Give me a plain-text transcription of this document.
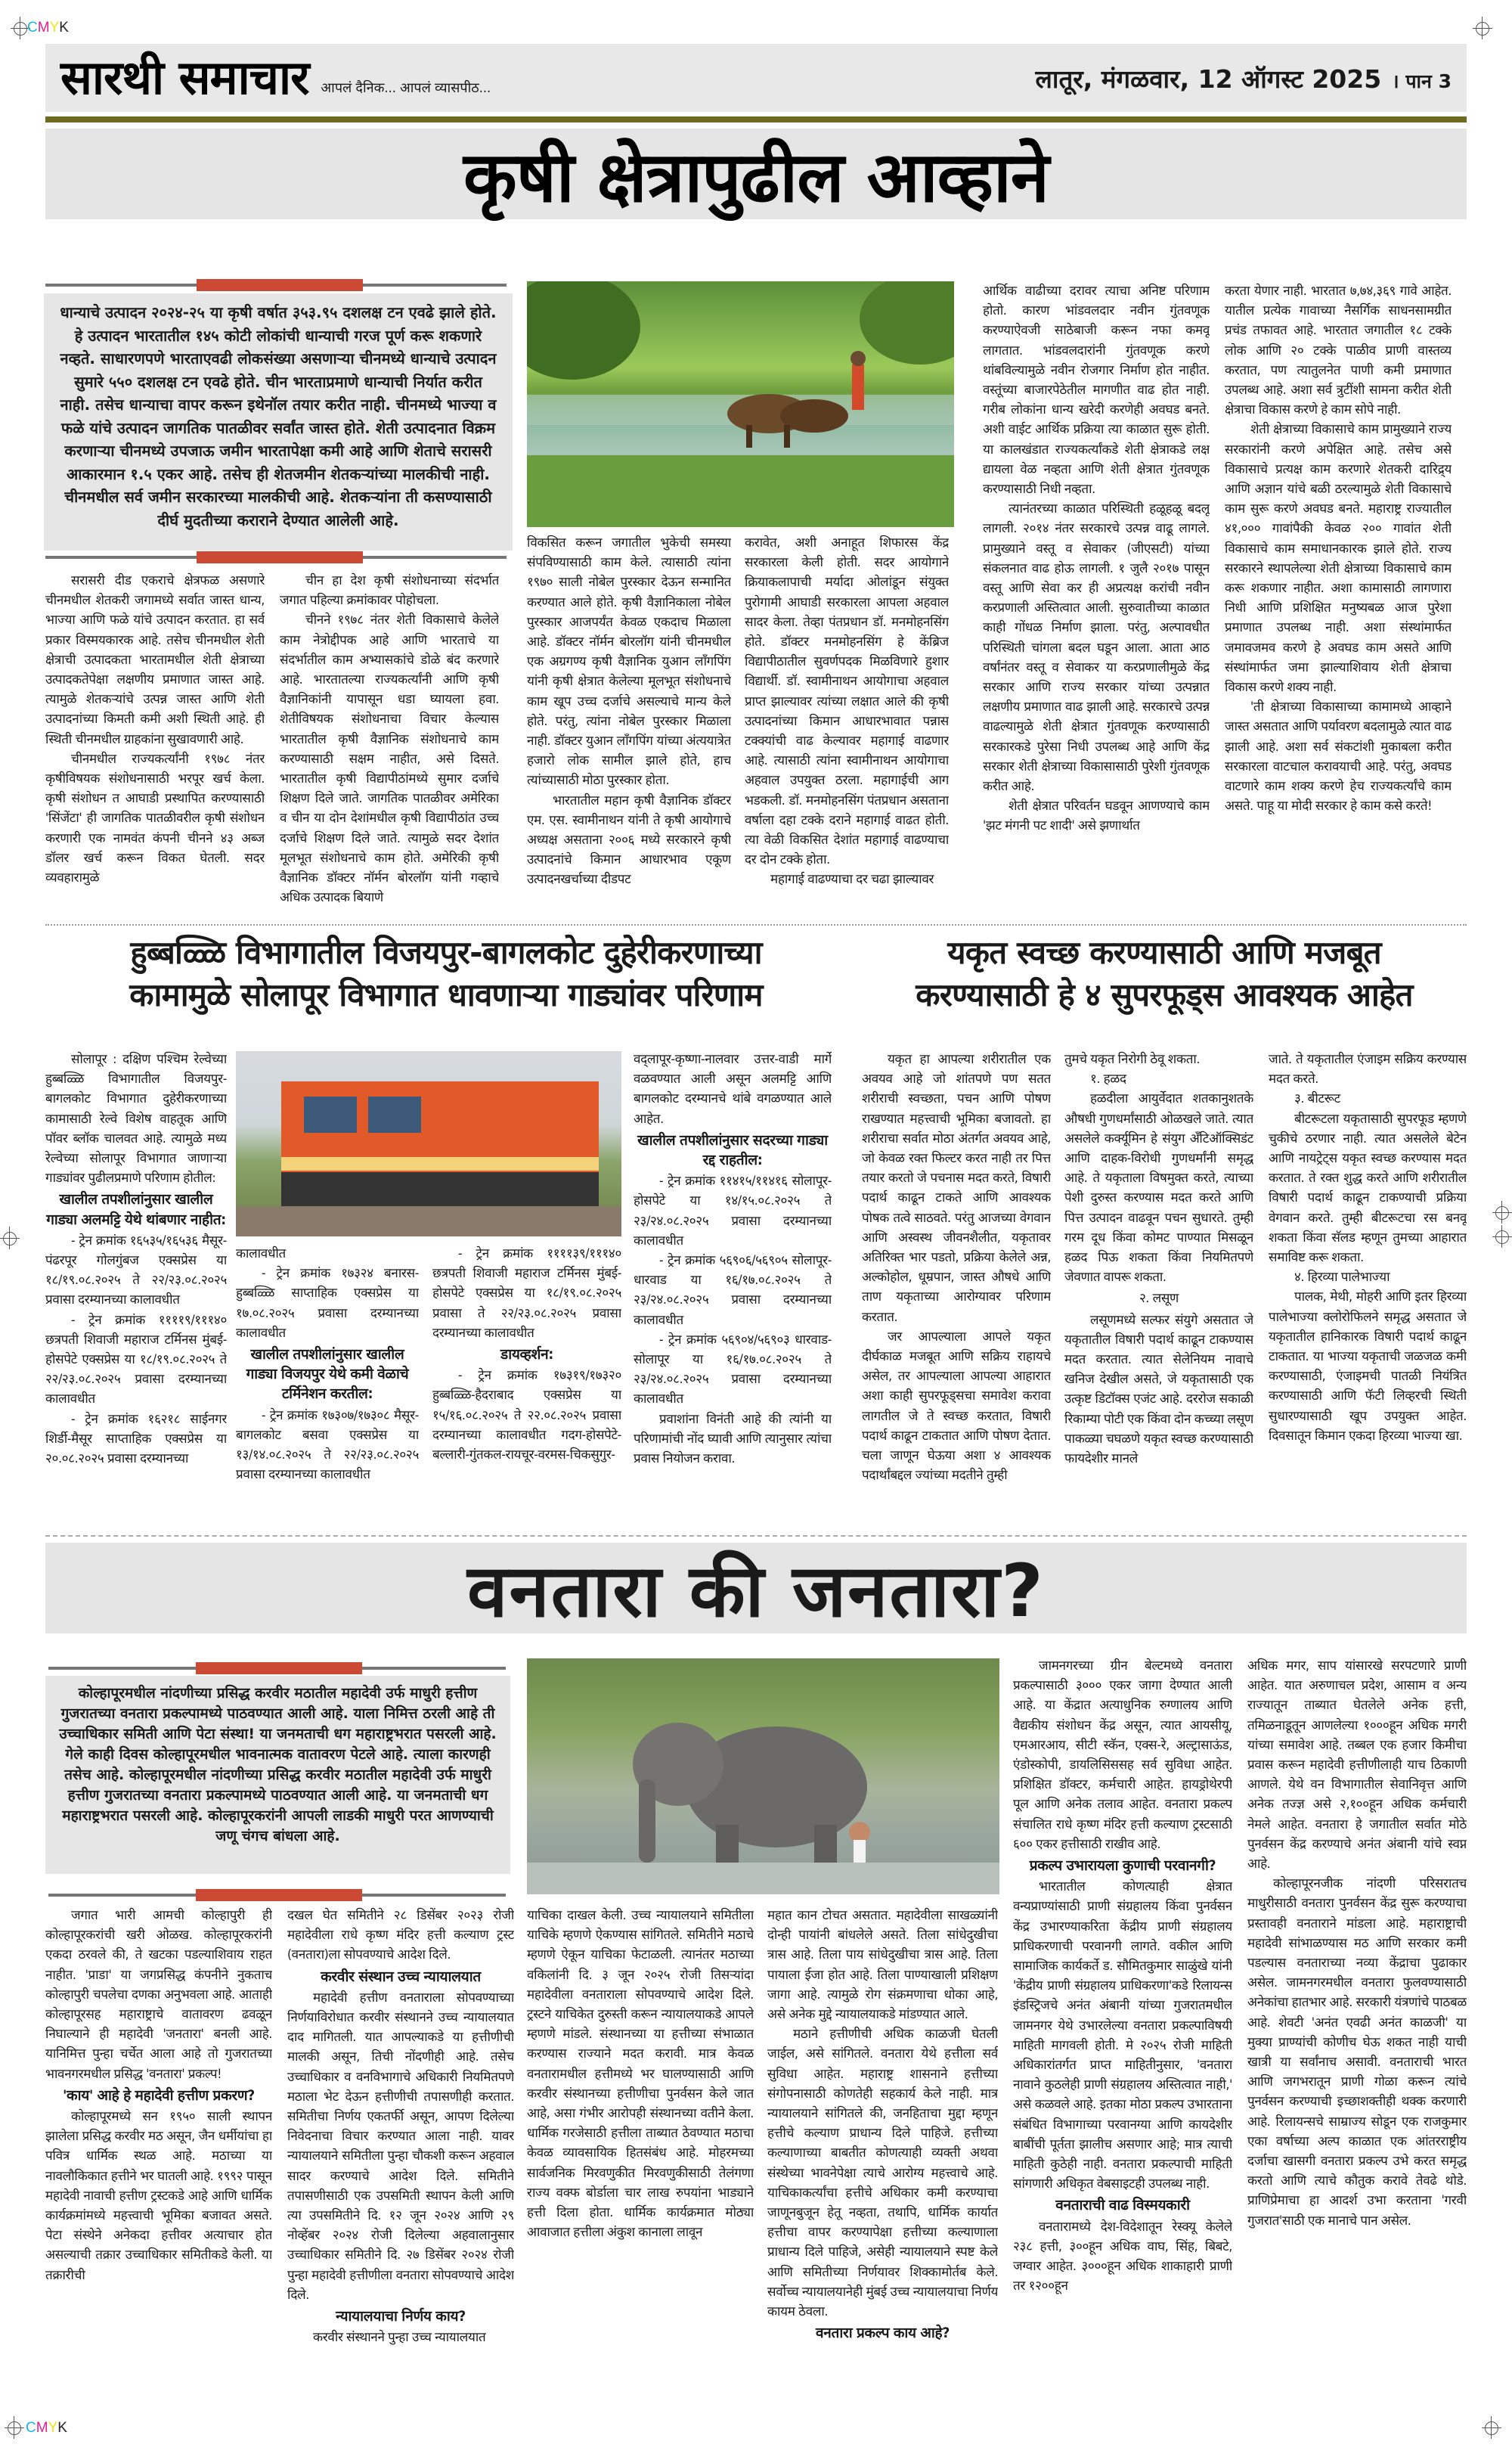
CMYK
CMYK
सारथी समाचार आपलं दैनिक... आपलं व्यासपीठ...	लातूर, मंगळवार, 12 ऑगस्ट 2025 । पान 3
कृषी क्षेत्रापुढील आव्हाने
धान्याचे उत्पादन २०२४-२५ या कृषी वर्षात ३५३.९५ दशलक्ष टन एवढे झाले होते. हे उत्पादन भारतातील १४५ कोटी लोकांची धान्याची गरज पूर्ण करू शकणारे नव्हते. साधारणपणे भारताएवढी लोकसंख्या असणाऱ्या चीनमध्ये धान्याचे उत्पादन सुमारे ५५० दशलक्ष टन एवढे होते. चीन भारताप्रमाणे धान्याची निर्यात करीत नाही. तसेच धान्याचा वापर करून इथेनॉल तयार करीत नाही. चीनमध्ये भाज्या व फळे यांचे उत्पादन जागतिक पातळीवर सर्वांत जास्त होते. शेती उत्पादनात विक्रम करणाऱ्या चीनमध्ये उपजाऊ जमीन भारतापेक्षा कमी आहे आणि शेताचे सरासरी आकारमान १.५ एकर आहे. तसेच ही शेतजमीन शेतकऱ्यांच्या मालकीची नाही. चीनमधील सर्व जमीन सरकारच्या मालकीची आहे. शेतकऱ्यांना ती कसण्यासाठी दीर्घ मुदतीच्या कराराने देण्यात आलेली आहे.

सरासरी दीड एकराचे क्षेत्रफळ असणारे चीनमधील शेतकरी जगामध्ये सर्वात जास्त धान्य, भाज्या आणि फळे यांचे उत्पादन करतात. हा सर्व प्रकार विस्मयकारक आहे. तसेच चीनमधील शेती क्षेत्राची उत्पादकता भारतामधील शेती क्षेत्राच्या उत्पादकतेपेक्षा लक्षणीय प्रमाणात जास्त आहे. त्यामुळे शेतकऱ्यांचे उत्पन्न जास्त आणि शेती उत्पादनांच्या किमती कमी अशी स्थिती आहे. ही स्थिती चीनमधील ग्राहकांना सुखावणारी आहे.

चीनमधील राज्यकर्त्यांनी १९७८ नंतर कृषीविषयक संशोधनासाठी भरपूर खर्च केला. कृषी संशोधन त आघाडी प्रस्थापित करण्यासाठी 'सिंजेंटा' ही जागतिक पातळीवरील कृषी संशोधन करणारी एक नामवंत कंपनी चीनने ४३ अब्ज डॉलर खर्च करून विकत घेतली. सदर व्यवहारामुळे

चीन हा देश कृषी संशोधनाच्या संदर्भात जगात पहिल्या क्रमांकावर पोहोचला.

चीनने १९७८ नंतर शेती विकासाचे केलेले काम नेत्रोद्दीपक आहे आणि भारताचे या संदर्भातील काम अभ्यासकांचे डोळे बंद करणारे आहे. भारतातल्या राज्यकर्त्यांनी आणि कृषी वैज्ञानिकांनी यापासून धडा घ्यायला हवा. शेतीविषयक संशोधनाचा विचार केल्यास भारतातील कृषी वैज्ञानिक संशोधनाचे काम करण्यासाठी सक्षम नाहीत, असे दिसते. भारतातील कृषी विद्यापीठांमध्ये सुमार दर्जाचे शिक्षण दिले जाते. जागतिक पातळीवर अमेरिका व चीन या दोन देशांमधील कृषी विद्यापीठांत उच्च दर्जाचे शिक्षण दिले जाते. त्यामुळे सदर देशांत मूलभूत संशोधनाचे काम होते. अमेरिकी कृषी वैज्ञानिक डॉक्टर नॉर्मन बोरलॉग यांनी गव्हाचे अधिक उत्पादक बियाणे

विकसित करून जगातील भुकेची समस्या संपविण्यासाठी काम केले. त्यासाठी त्यांना १९७० साली नोबेल पुरस्कार देऊन सन्मानित करण्यात आले होते. कृषी वैज्ञानिकाला नोबेल पुरस्कार आजपर्यंत केवळ एकदाच मिळाला आहे. डॉक्टर नॉर्मन बोरलॉग यांनी चीनमधील एक अग्रगण्य कृषी वैज्ञानिक युआन लाँगपिंग यांनी कृषी क्षेत्रात केलेल्या मूलभूत संशोधनाचे काम खूप उच्च दर्जाचे असल्याचे मान्य केले होते. परंतु, त्यांना नोबेल पुरस्कार मिळाला नाही. डॉक्टर युआन लाँगपिंग यांच्या अंत्ययात्रेत हजारो लोक सामील झाले होते, हाच त्यांच्यासाठी मोठा पुरस्कार होता.

भारतातील महान कृषी वैज्ञानिक डॉक्टर एम. एस. स्वामीनाथन यांनी ते कृषी आयोगाचे अध्यक्ष असताना २००६ मध्ये सरकारने कृषी उत्पादनांचे किमान आधारभाव एकूण उत्पादनखर्चाच्या दीडपट

करावेत, अशी अनाहूत शिफारस केंद्र सरकारला केली होती. सदर आयोगाने क्रियाकलापाची मर्यादा ओलांडून संयुक्त पुरोगामी आघाडी सरकारला आपला अहवाल सादर केला. तेव्हा पंतप्रधान डॉ. मनमोहनसिंग होते. डॉक्टर मनमोहनसिंग हे केंब्रिज विद्यापीठातील सुवर्णपदक मिळविणारे हुशार विद्यार्थी. डॉ. स्वामीनाथन आयोगाचा अहवाल प्राप्त झाल्यावर त्यांच्या लक्षात आले की कृषी उत्पादनांच्या किमान आधारभावात पन्नास टक्क्यांची वाढ केल्यावर महागाई वाढणार आहे. त्यासाठी त्यांना स्वामीनाथन आयोगाचा अहवाल उपयुक्त ठरला. महागाईची आग भडकली. डॉ. मनमोहनसिंग पंतप्रधान असताना वर्षाला दहा टक्के दराने महागाई वाढत होती. त्या वेळी विकसित देशांत महागाई वाढण्याचा दर दोन टक्के होता.

महागाई वाढण्याचा दर चढा झाल्यावर

आर्थिक वाढीच्या दरावर त्याचा अनिष्ट परिणाम होतो. कारण भांडवलदार नवीन गुंतवणूक करण्याऐवजी साठेबाजी करून नफा कमवू लागतात. भांडवलदारांनी गुंतवणूक करणे थांबविल्यामुळे नवीन रोजगार निर्माण होत नाहीत. वस्तूंच्या बाजारपेठेतील मागणीत वाढ होत नाही. गरीब लोकांना धान्य खरेदी करणेही अवघड बनते. अशी वाईट आर्थिक प्रक्रिया त्या काळात सुरू होती. या कालखंडात राज्यकर्त्यांकडे शेती क्षेत्राकडे लक्ष द्यायला वेळ नव्हता आणि शेती क्षेत्रात गुंतवणूक करण्यासाठी निधी नव्हता.

त्यानंतरच्या काळात परिस्थिती हळूहळू बदलू लागली. २०१४ नंतर सरकारचे उत्पन्न वाढू लागले. प्रामुख्याने वस्तू व सेवाकर (जीएसटी) यांच्या संकलनात वाढ होऊ लागली. १ जुलै २०१७ पासून वस्तू आणि सेवा कर ही अप्रत्यक्ष करांची नवीन करप्रणाली अस्तित्वात आली. सुरुवातीच्या काळात काही गोंधळ निर्माण झाला. परंतु, अल्पावधीत परिस्थिती चांगला बदल घडून आला. आता आठ वर्षांनंतर वस्तू व सेवाकर या करप्रणालीमुळे केंद्र सरकार आणि राज्य सरकार यांच्या उत्पन्नात लक्षणीय प्रमाणात वाढ झाली आहे. सरकारचे उत्पन्न वाढल्यामुळे शेती क्षेत्रात गुंतवणूक करण्यासाठी सरकारकडे पुरेसा निधी उपलब्ध आहे आणि केंद्र सरकार शेती क्षेत्राच्या विकासासाठी पुरेशी गुंतवणूक करीत आहे.

शेती क्षेत्रात परिवर्तन घडवून आणण्याचे काम 'झट मंगनी पट शादी' असे झणार्थात

करता येणार नाही. भारतात ७,७४,३६९ गावे आहेत. यातील प्रत्येक गावाच्या नैसर्गिक साधनसामग्रीत प्रचंड तफावत आहे. भारतात जगातील १८ टक्के लोक आणि २० टक्के पाळीव प्राणी वास्तव्य करतात, पण त्यातुलनेत पाणी कमी प्रमाणात उपलब्ध आहे. अशा सर्व त्रुटींशी सामना करीत शेती क्षेत्राचा विकास करणे हे काम सोपे नाही.

शेती क्षेत्राच्या विकासाचे काम प्रामुख्याने राज्य सरकारांनी करणे अपेक्षित आहे. तसेच असे विकासाचे प्रत्यक्ष काम करणारे शेतकरी दारिद्र्य आणि अज्ञान यांचे बळी ठरल्यामुळे शेती विकासाचे काम सुरू करणे अवघड बनते. महाराष्ट्र राज्यातील ४१,००० गावांपैकी केवळ २०० गावांत शेती विकासाचे काम समाधानकारक झाले होते. राज्य सरकारने स्थापलेल्या शेती क्षेत्राच्या विकासाचे काम करू शकणार नाहीत. अशा कामासाठी लागणारा निधी आणि प्रशिक्षित मनुष्यबळ आज पुरेशा प्रमाणात उपलब्ध नाही. अशा संस्थांमार्फत जमावजमव करणे हे अवघड काम असते आणि संस्थांमार्फत जमा झाल्याशिवाय शेती क्षेत्राचा विकास करणे शक्य नाही.

'ती क्षेत्राच्या विकासाच्या कामामध्ये आव्हाने जास्त असतात आणि पर्यावरण बदलामुळे त्यात वाढ झाली आहे. अशा सर्व संकटांशी मुकाबला करीत सरकारला वाटचाल करावयाची आहे. परंतु, अवघड वाटणारे काम शक्य करणे हेच राज्यकर्त्यांचे काम असते. पाहू या मोदी सरकार हे काम कसे करते!

हुब्बळ्ळि विभागातील विजयपुर-बागलकोट दुहेरीकरणाच्या
कामामुळे सोलापूर विभागात धावणाऱ्या गाड्यांवर परिणाम

सोलापूर : दक्षिण पश्चिम रेल्वेच्या हुब्बळ्ळि विभागातील विजयपुर-बागलकोट विभागात दुहेरीकरणाच्या कामासाठी रेल्वे विशेष वाहतूक आणि पॉवर ब्लॉक चालवत आहे. त्यामुळे मध्य रेल्वेच्या सोलापूर विभागात जाणाऱ्या गाड्यांवर पुढीलप्रमाणे परिणाम होतील:

खालील तपशीलांनुसार खालील गाड्या अलमट्टि येथे थांबणार नाहीत:

- ट्रेन क्रमांक १६५३५/१६५३६ मैसूर-पंढरपूर गोलगुंबज एक्सप्रेस या १८/१९.०८.२०२५ ते २२/२३.०८.२०२५ प्रवासा दरम्यानच्या कालावधीत

- ट्रेन क्रमांक ११११९/१११४० छत्रपती शिवाजी महाराज टर्मिनस मुंबई-होसपेटे एक्सप्रेस या १८/१९.०८.२०२५ ते २२/२३.०८.२०२५ प्रवासा दरम्यानच्या कालावधीत

- ट्रेन क्रमांक १६२१८ साईनगर शिर्डी-मैसूर साप्ताहिक एक्सप्रेस या २०.०८.२०२५ प्रवासा दरम्यानच्या

कालावधीत

- ट्रेन क्रमांक १७३२४ बनारस-हुब्बळ्ळि साप्ताहिक एक्सप्रेस या १७.०८.२०२५ प्रवासा दरम्यानच्या कालावधीत

खालील तपशीलांनुसार खालील गाड्या विजयपुर येथे कमी वेळाचे टर्मिनेशन करतील:

- ट्रेन क्रमांक १७३०७/१७३०८ मैसूर-बागलकोट बसवा एक्सप्रेस या १३/१४.०८.२०२५ ते २२/२३.०८.२०२५ प्रवासा दरम्यानच्या कालावधीत

- ट्रेन क्रमांक ११११३९/१११४० छत्रपती शिवाजी महाराज टर्मिनस मुंबई-होसपेटे एक्सप्रेस या १८/१९.०८.२०२५ प्रवासा ते २२/२३.०८.२०२५ प्रवासा दरम्यानच्या कालावधीत

डायव्हर्शन:

- ट्रेन क्रमांक १७३१९/१७३२० हुब्बळ्ळि-हैदराबाद एक्सप्रेस या १५/१६.०८.२०२५ ते २२.०८.२०२५ प्रवासा दरम्यानच्या कालावधीत गदग-होसपेटे-बल्लारी-गुंतकल-रायचूर-वरमस-चिकसुगुर-

वद्लापूर-कृष्णा-नालवार उत्तर-वाडी मार्गे वळवण्यात आली असून अलमट्टि आणि बागलकोट दरम्यानचे थांबे वगळण्यात आले आहेत.

खालील तपशीलांनुसार सदरच्या गाड्या रद्द राहतील:

- ट्रेन क्रमांक ११४१५/११४१६ सोलापूर-होसपेटे या १४/१५.०८.२०२५ ते २३/२४.०८.२०२५ प्रवासा दरम्यानच्या कालावधीत

- ट्रेन क्रमांक ५६९०६/५६९०५ सोलापूर-धारवाड या १६/१७.०८.२०२५ ते २३/२४.०८.२०२५ प्रवासा दरम्यानच्या कालावधीत

- ट्रेन क्रमांक ५६९०४/५६९०३ धारवाड-सोलापूर या १६/१७.०८.२०२५ ते २३/२४.०८.२०२५ प्रवासा दरम्यानच्या कालावधीत

प्रवाशांना विनंती आहे की त्यांनी या परिणामांची नोंद घ्यावी आणि त्यानुसार त्यांचा प्रवास नियोजन करावा.

यकृत स्वच्छ करण्यासाठी आणि मजबूत
करण्यासाठी हे ४ सुपरफूड्स आवश्यक आहेत

यकृत हा आपल्या शरीरातील एक अवयव आहे जो शांतपणे पण सतत शरीराची स्वच्छता, पचन आणि पोषण राखण्यात महत्त्वाची भूमिका बजावतो. हा शरीराचा सर्वात मोठा अंतर्गत अवयव आहे, जो केवळ रक्त फिल्टर करत नाही तर पित्त तयार करतो जे पचनास मदत करते, विषारी पदार्थ काढून टाकते आणि आवश्यक पोषक तत्वे साठवते. परंतु आजच्या वेगवान आणि अस्वस्थ जीवनशैलीत, यकृतावर अतिरिक्त भार पडतो, प्रक्रिया केलेले अन्न, अल्कोहोल, धूम्रपान, जास्त औषधे आणि ताण यकृताच्या आरोग्यावर परिणाम करतात.

जर आपल्याला आपले यकृत दीर्घकाळ मजबूत आणि सक्रिय राहायचे असेल, तर आपल्याला आपल्या आहारात अशा काही सुपरफूड्सचा समावेश करावा लागतील जे ते स्वच्छ करतात, विषारी पदार्थ काढून टाकतात आणि पोषण देतात. चला जाणून घेऊया अशा ४ आवश्यक पदार्थांबद्दल ज्यांच्या मदतीने तुम्ही

तुमचे यकृत निरोगी ठेवू शकता.

१. हळद

हळदीला आयुर्वेदात शतकानुशतके औषधी गुणधर्मांसाठी ओळखले जाते. त्यात असलेले कर्क्यूमिन हे संयुग अँटिऑक्सिडंट आणि दाहक-विरोधी गुणधर्मांनी समृद्ध आहे. ते यकृताला विषमुक्त करते, त्याच्या पेशी दुरुस्त करण्यास मदत करते आणि पित्त उत्पादन वाढवून पचन सुधारते. तुम्ही गरम दूध किंवा कोमट पाण्यात मिसळून हळद पिऊ शकता किंवा नियमितपणे जेवणात वापरू शकता.

२. लसूण

लसूणमध्ये सल्फर संयुगे असतात जे यकृतातील विषारी पदार्थ काढून टाकण्यास मदत करतात. त्यात सेलेनियम नावाचे खनिज देखील असते, जे यकृतासाठी एक उत्कृष्ट डिटॉक्स एजंट आहे. दररोज सकाळी रिकाम्या पोटी एक किंवा दोन कच्च्या लसूण पाकळ्या चघळणे यकृत स्वच्छ करण्यासाठी फायदेशीर मानले

जाते. ते यकृतातील एंजाइम सक्रिय करण्यास मदत करते.

३. बीटरूट

बीटरूटला यकृतासाठी सुपरफूड म्हणणे चुकीचे ठरणार नाही. त्यात असलेले बेटेन आणि नायट्रेट्स यकृत स्वच्छ करण्यास मदत करतात. ते रक्त शुद्ध करते आणि शरीरातील विषारी पदार्थ काढून टाकण्याची प्रक्रिया वेगवान करते. तुम्ही बीटरूटचा रस बनवू शकता किंवा सॅलड म्हणून तुमच्या आहारात समाविष्ट करू शकता.

४. हिरव्या पालेभाज्या

पालक, मेथी, मोहरी आणि इतर हिरव्या पालेभाज्या क्लोरोफिलने समृद्ध असतात जे यकृतातील हानिकारक विषारी पदार्थ काढून टाकतात. या भाज्या यकृताची जळजळ कमी करण्यासाठी, एंजाइमची पातळी नियंत्रित करण्यासाठी आणि फॅटी लिव्हरची स्थिती सुधारण्यासाठी खूप उपयुक्त आहेत. दिवसातून किमान एकदा हिरव्या भाज्या खा.

वनतारा की जनतारा?
कोल्हापूरमधील नांदणीच्या प्रसिद्ध करवीर मठातील महादेवी उर्फ माधुरी हत्तीण गुजरातच्या वनतारा प्रकल्पामध्ये पाठवण्यात आली आहे. याला निमित्त ठरली आहे ती उच्चाधिकार समिती आणि पेटा संस्था! या जनमताची धग महाराष्ट्रभरात पसरली आहे. गेले काही दिवस कोल्हापूरमधील भावनात्मक वातावरण पेटले आहे. त्याला कारणही तसेच आहे. कोल्हापूरमधील नांदणीच्या प्रसिद्ध करवीर मठातील महादेवी उर्फ माधुरी हत्तीण गुजरातच्या वनतारा प्रकल्पामध्ये पाठवण्यात आली आहे. या जनमताची धग महाराष्ट्रभरात पसरली आहे. कोल्हापूरकरांनी आपली लाडकी माधुरी परत आणण्याची जणू चंगच बांधला आहे.

जगात भारी आमची कोल्हापुरी ही कोल्हापूरकरांची खरी ओळख. कोल्हापूरकरांनी एकदा ठरवले की, ते खटका पडल्याशिवाय राहत नाहीत. 'प्राडा' या जगप्रसिद्ध कंपनीने नुकताच कोल्हापुरी चपलेचा दणका अनुभवला आहे. आताही कोल्हापूरसह महाराष्ट्राचे वातावरण ढवळून निघाल्याने ही महादेवी 'जनतारा' बनली आहे. यानिमित्त पुन्हा चर्चेत आला आहे तो गुजरातच्या भावनगरमधील प्रसिद्ध 'वनतारा' प्रकल्प!

'काय' आहे हे महादेवी हत्तीण प्रकरण?

कोल्हापूरमध्ये सन १९५० साली स्थापन झालेला प्रसिद्ध करवीर मठ असून, जैन धर्मीयांचा हा पवित्र धार्मिक स्थळ आहे. मठाच्या या नावलौकिकात हत्तीने भर घातली आहे. १९९२ पासून महादेवी नावाची हत्तीण ट्रस्टकडे आहे आणि धार्मिक कार्यक्रमांमध्ये महत्त्वाची भूमिका बजावत असते. पेटा संस्थेने अनेकदा हत्तीवर अत्याचार होत असल्याची तक्रार उच्चाधिकार समितीकडे केली. या तक्रारीची

दखल घेत समितीने २८ डिसेंबर २०२३ रोजी महादेवीला राधे कृष्ण मंदिर हत्ती कल्याण ट्रस्ट (वनतारा)ला सोपवण्याचे आदेश दिले.

करवीर संस्थान उच्च न्यायालयात

महादेवी हत्तीण वनताराला सोपवण्याच्या निर्णयाविरोधात करवीर संस्थानने उच्च न्यायालयात दाद मागितली. यात आपल्याकडे या हत्तीणीची मालकी असून, तिची नोंदणीही आहे. तसेच उच्चाधिकार व वनविभागाचे अधिकारी नियमितपणे मठाला भेट देऊन हत्तीणीची तपासणीही करतात. समितीचा निर्णय एकतर्फी असून, आपण दिलेल्या निवेदनाचा विचार करण्यात आला नाही. यावर न्यायालयाने समितीला पुन्हा चौकशी करून अहवाल सादर करण्याचे आदेश दिले. समितीने तपासणीसाठी एक उपसमिती स्थापन केली आणि त्या उपसमितीने दि. १२ जून २०२४ आणि २९ नोव्हेंबर २०२४ रोजी दिलेल्या अहवालानुसार उच्चाधिकार समितीने दि. २७ डिसेंबर २०२४ रोजी पुन्हा महादेवी हत्तीणीला वनतारा सोपवण्याचे आदेश दिले.

न्यायालयाचा निर्णय काय?

करवीर संस्थानने पुन्हा उच्च न्यायालयात

याचिका दाखल केली. उच्च न्यायालयाने समितीला याचिके म्हणणे ऐकण्यास सांगितले. समितीने मठाचे म्हणणे ऐकून याचिका फेटाळली. त्यानंतर मठाच्या वकिलांनी दि. ३ जून २०२५ रोजी तिसऱ्यांदा महादेवीला वनताराला सोपवण्याचे आदेश दिले. ट्रस्टने याचिकेत दुरुस्ती करून न्यायालयाकडे आपले म्हणणे मांडले. संस्थानच्या या हत्तीच्या संभाळात करण्यास राज्याने मदत करावी. मात्र केवळ वनतारामधील हत्तीमध्ये भर घालण्यासाठी आणि करवीर संस्थानच्या हत्तीणीचा पुनर्वसन केले जात आहे, असा गंभीर आरोपही संस्थानच्या वतीने केला. धार्मिक गरजेसाठी हत्तीला ताब्यात ठेवण्यात मठाचा केवळ व्यावसायिक हितसंबंध आहे. मोहरमच्या सार्वजनिक मिरवणुकीत मिरवणुकीसाठी तेलंगणा राज्य वक्फ बोर्डाला चार लाख रुपयांना भाड्याने हत्ती दिला होता. धार्मिक कार्यक्रमात मोठ्या आवाजात हत्तीला अंकुश कानाला लावून

महात कान टोचत असतात. महादेवीला साखळ्यांनी दोन्ही पायांनी बांधलेले असते. तिला सांधेदुखीचा त्रास आहे. तिला पाय सांधेदुखीचा त्रास आहे. तिला पायाला ईजा होत आहे. तिला पाण्याखाली प्रशिक्षण जागा आहे. त्यामुळे रोग संक्रमणाचा धोका आहे, असे अनेक मुद्दे न्यायालयाकडे मांडण्यात आले.

मठाने हत्तीणीची अधिक काळजी घेतली जाईल, असे सांगितले. वनतारा येथे हत्तीला सर्व सुविधा आहेत. महाराष्ट्र शासनाने हत्तीच्या संगोपनासाठी कोणतेही सहकार्य केले नाही. मात्र न्यायालयाने सांगितले की, जनहिताचा मुद्दा म्हणून हत्तीचे कल्याण प्राधान्य दिले पाहिजे. हत्तीच्या कल्याणाच्या बाबतीत कोणत्याही व्यक्ती अथवा संस्थेच्या भावनेपेक्षा त्याचे आरोग्य महत्त्वाचे आहे. याचिकाकर्त्यांचा हत्तीचे अधिकार कमी करण्याचा जाणूनबुजून हेतू नव्हता, तथापि, धार्मिक कार्यात हत्तीचा वापर करण्यापेक्षा हत्तीच्या कल्याणाला प्राधान्य दिले पाहिजे, असेही न्यायालयाने स्पष्ट केले आणि समितीच्या निर्णयावर शिक्कामोर्तब केले. सर्वोच्च न्यायालयानेही मुंबई उच्च न्यायालयाचा निर्णय कायम ठेवला.

वनतारा प्रकल्प काय आहे?

जामनगरच्या ग्रीन बेल्टमध्ये वनतारा प्रकल्पासाठी ३००० एकर जागा देण्यात आली आहे. या केंद्रात अत्याधुनिक रुग्णालय आणि वैद्यकीय संशोधन केंद्र असून, त्यात आयसीयू, एमआरआय, सीटी स्कॅन, एक्स-रे, अल्ट्रासाऊंड, एंडोस्कोपी, डायलिसिससह सर्व सुविधा आहेत. प्रशिक्षित डॉक्टर, कर्मचारी आहेत. हायड्रोथेरपी पूल आणि अनेक तलाव आहेत. वनतारा प्रकल्प संचालित राधे कृष्ण मंदिर हत्ती कल्याण ट्रस्टसाठी ६०० एकर हत्तीसाठी राखीव आहे.

प्रकल्प उभारायला कुणाची परवानगी?

भारतातील कोणत्याही क्षेत्रात वन्यप्राण्यांसाठी प्राणी संग्रहालय किंवा पुनर्वसन केंद्र उभारण्याकरिता केंद्रीय प्राणी संग्रहालय प्राधिकरणाची परवानगी लागते. वकील आणि सामाजिक कार्यकर्ते ड. सौमितकुमार साळुंखे यांनी 'केंद्रीय प्राणी संग्रहालय प्राधिकरणा'कडे रिलायन्स इंडस्ट्रिजचे अनंत अंबानी यांच्या गुजरातमधील जामनगर येथे उभारलेल्या वनतारा प्रकल्पाविषयी माहिती मागवली होती. मे २०२५ रोजी माहिती अधिकारांतर्गत प्राप्त माहितीनुसार, 'वनतारा नावाने कुठलेही प्राणी संग्रहालय अस्तित्वात नाही,' असे कळवले आहे. इतका मोठा प्रकल्प उभारताना संबंधित विभागाच्या परवानग्या आणि कायदेशीर बाबींची पूर्तता झालीच असणार आहे; मात्र त्याची माहिती कुठेही नाही. वनतारा प्रकल्पाची माहिती सांगणारी अधिकृत वेबसाइटही उपलब्ध नाही.

वनताराची वाढ विस्मयकारी

वनतारामध्ये देश-विदेशातून रेस्क्यू केलेले २३८ हत्ती, ३००हून अधिक वाघ, सिंह, बिबटे, जग्वार आहेत. ३०००हून अधिक शाकाहारी प्राणी तर १२००हून

अधिक मगर, साप यांसारखे सरपटणारे प्राणी आहेत. यात अरुणाचल प्रदेश, आसाम व अन्य राज्यातून ताब्यात घेतलेले अनेक हत्ती, तमिळनाडूतून आणलेल्या १०००हून अधिक मगरी यांच्या समावेश आहे. तब्बल एक हजार किमीचा प्रवास करून महादेवी हत्तीणीलाही याच ठिकाणी आणले. येथे वन विभागातील सेवानिवृत्त आणि अनेक तज्ज्ञ असे २,१००हून अधिक कर्मचारी नेमले आहेत. वनतारा हे जगातील सर्वात मोठे पुनर्वसन केंद्र करण्याचे अनंत अंबानी यांचे स्वप्न आहे.

कोल्हापूरनजीक नांदणी परिसरातच माधुरीसाठी वनतारा पुनर्वसन केंद्र सुरू करण्याचा प्रस्तावही वनताराने मांडला आहे. महाराष्ट्राची महादेवी सांभाळण्यास मठ आणि सरकार कमी पडल्यास वनताराच्या नव्या केंद्राचा पुढाकार असेल. जामनगरमधील वनतारा फुलवण्यासाठी अनेकांचा हातभार आहे. सरकारी यंत्रणांचे पाठबळ आहे. शेवटी 'अनंत एवढी अनंत काळजी' या मुक्या प्राण्यांची कोणीच घेऊ शकत नाही याची खात्री या सर्वांनाच असावी. वनताराची भारत आणि जगभरातून प्राणी गोळा करून त्यांचे पुनर्वसन करण्याची इच्छाशक्तीही थक्क करणारी आहे. रिलायन्सचे साम्राज्य सोडून एक राजकुमार एका वर्षाच्या अल्प काळात एक आंतरराष्ट्रीय दर्जाचा खासगी वनतारा प्रकल्प उभे करत समृद्ध करतो आणि त्याचे कौतुक करावे तेवढे थोडे. प्राणिप्रेमाचा हा आदर्श उभा करताना 'गरवी गुजरात'साठी एक मानाचे पान असेल.
